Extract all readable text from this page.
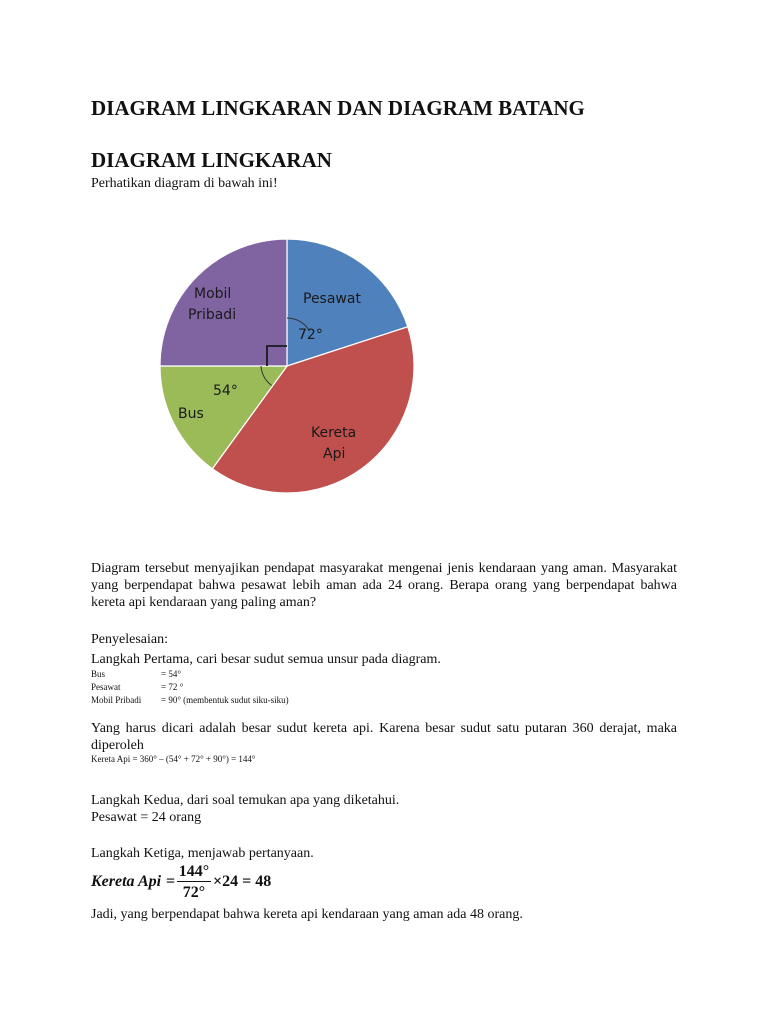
DIAGRAM LINGKARAN DAN DIAGRAM BATANG
DIAGRAM LINGKARAN
Perhatikan diagram di bawah ini!
Pesawat
72°
Mobil
Pribadi
54°
Bus
Kereta
Api
Diagram tersebut menyajikan pendapat masyarakat mengenai jenis kendaraan yang aman. Masyarakat yang berpendapat bahwa pesawat lebih aman ada 24 orang. Berapa orang yang berpendapat bahwa kereta api kendaraan yang paling aman?
Penyelesaian:
Langkah Pertama, cari besar sudut semua unsur pada diagram.
Bus	= 54°
Pesawat	= 72 °
Mobil Pribadi = 90° (membentuk sudut siku-siku)
Yang harus dicari adalah besar sudut kereta api. Karena besar sudut satu putaran 360 derajat, maka diperoleh
Kereta Api = 360° – (54° + 72° + 90°) = 144°
Langkah Kedua, dari soal temukan apa yang diketahui.
Pesawat = 24 orang
Langkah Ketiga, menjawab pertanyaan.
Kereta Api = $\frac{144^\circ}{72^\circ} \times 24 = 48$
Jadi, yang berpendapat bahwa kereta api kendaraan yang aman ada 48 orang.
